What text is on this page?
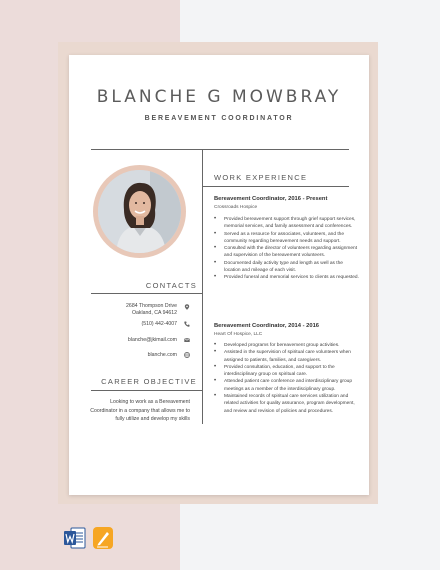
BLANCHE G MOWBRAY
BEREAVEMENT COORDINATOR
WORK EXPERIENCE
CONTACTS
CAREER OBJECTIVE
2684 Thompson Drive
Oakland, CA 94612
(510) 442-4007
blanche@jkimail.com
blanche.com
Looking to work as a Bereavement
Coordinator in a company that allows me to
fully utilize and develop my skills
Bereavement Coordinator, 2016 - Present
Crossroads Hospice
• Provided bereavement support through grief support services, memorial services, and family assessment and conferences.
• Served as a resource for associates, volunteers, and the community regarding bereavement needs and support.
• Consulted with the director of volunteers regarding assignment and supervision of the bereavement volunteers.
• Documented daily activity type and length as well as the location and mileage of each visit.
• Provided funeral and memorial services to clients as requested.
Bereavement Coordinator, 2014 - 2016
Heart Of Hospice, LLC
• Developed programs for bereavement group activities.
• Assisted in the supervision of spiritual care volunteers when assigned to patients, families, and caregivers.
• Provided consultation, education, and support to the interdisciplinary group on spiritual care.
• Attended patient care conference and interdisciplinary group meetings as a member of the interdisciplinary group.
• Maintained records of spiritual care services utilization and related activities for quality assurance, program development, and review and revision of policies and procedures.
